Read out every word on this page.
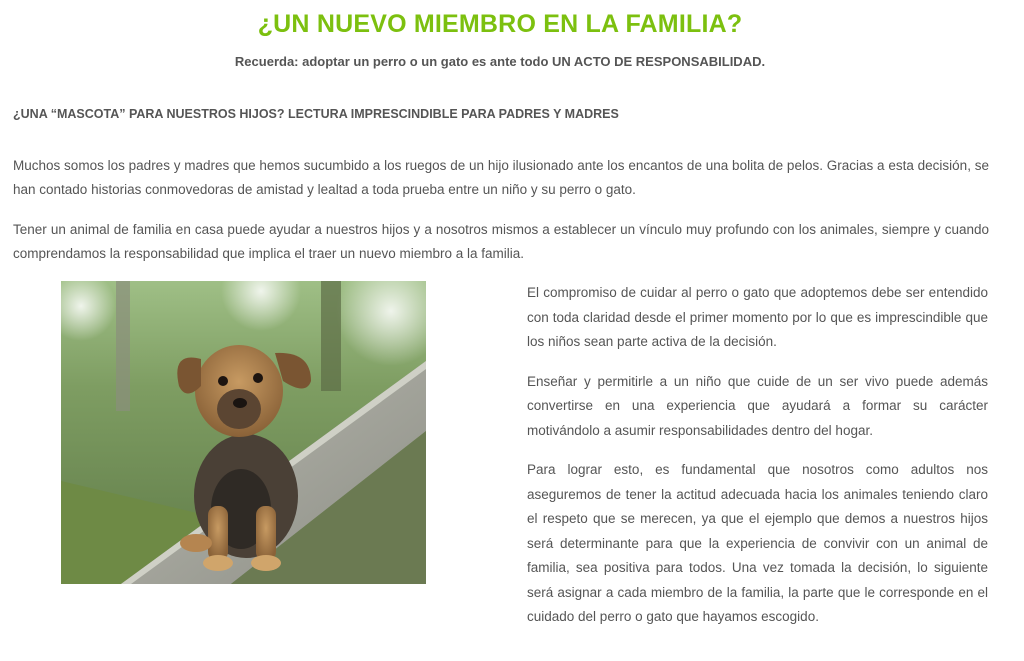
¿UN NUEVO MIEMBRO EN LA FAMILIA?
Recuerda: adoptar un perro o un gato es ante todo UN ACTO DE RESPONSABILIDAD.
¿UNA “MASCOTA” PARA NUESTROS HIJOS? LECTURA IMPRESCINDIBLE PARA PADRES Y MADRES

Muchos somos los padres y madres que hemos sucumbido a los ruegos de un hijo ilusionado ante los encantos de una bolita de pelos. Gracias a esta decisión, se han contado historias conmovedoras de amistad y lealtad a toda prueba entre un niño y su perro o gato.

Tener un animal de familia en casa puede ayudar a nuestros hijos y a nosotros mismos a establecer un vínculo muy profundo con los animales, siempre y cuando comprendamos la responsabilidad que implica el traer un nuevo miembro a la familia.

El compromiso de cuidar al perro o gato que adoptemos debe ser entendido con toda claridad desde el primer momento por lo que es imprescindible que los niños sean parte activa de la decisión.

Enseñar y permitirle a un niño que cuide de un ser vivo puede además convertirse en una experiencia que ayudará a formar su carácter motivándolo a asumir responsabilidades dentro del hogar.

Para lograr esto, es fundamental que nosotros como adultos nos aseguremos de tener la actitud adecuada hacia los animales teniendo claro el respeto que se merecen, ya que el ejemplo que demos a nuestros hijos será determinante para que la experiencia de convivir con un animal de familia, sea positiva para todos. Una vez tomada la decisión, lo siguiente será asignar a cada miembro de la familia, la parte que le corresponde en el cuidado del perro o gato que hayamos escogido.
